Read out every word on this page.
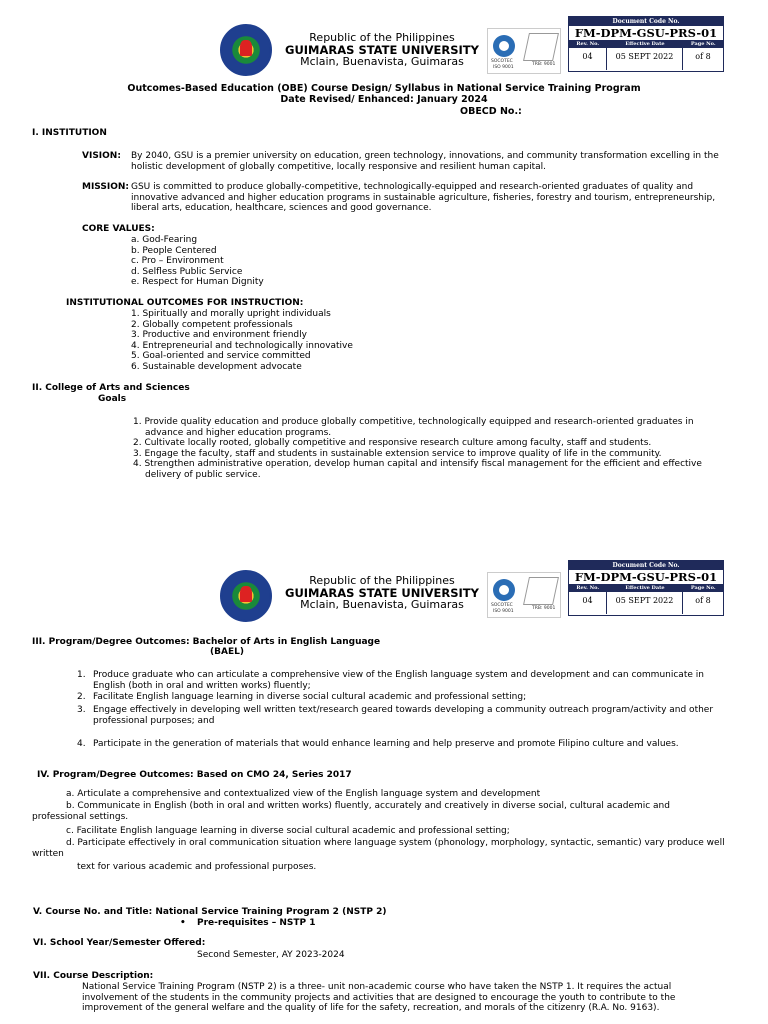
Republic of the Philippines
GUIMARAS STATE UNIVERSITY
Mclain, Buenavista, Guimaras	SOCOTEC
ISO 9001
TRB: 9001
Document Code No.
FM-DPM-GSU-PRS-01
Rev. No.	Effective Date	Page No.
04	05 SEPT 2022	of 8
Outcomes-Based Education (OBE) Course Design/ Syllabus in National Service Training Program
Date Revised/ Enhanced: January 2024
OBECD No.:
I. INSTITUTION
VISION: By 2040, GSU is a premier university on education, green technology, innovations, and community transformation excelling in the

holistic development of globally competitive, locally responsive and resilient human capital.

MISSION: GSU is committed to produce globally-competitive, technologically-equipped and research-oriented graduates of quality and

innovative advanced and higher education programs in sustainable agriculture, fisheries, forestry and tourism, entrepreneurship,

liberal arts, education, healthcare, sciences and good governance.

CORE VALUES:

a. God-Fearing

b. People Centered

c. Pro – Environment

d. Selfless Public Service

e. Respect for Human Dignity

INSTITUTIONAL OUTCOMES FOR INSTRUCTION:

1. Spiritually and morally upright individuals

2. Globally competent professionals

3. Productive and environment friendly

4. Entrepreneurial and technologically innovative

5. Goal-oriented and service committed

6. Sustainable development advocate

II. College of Arts and Sciences
Goals

1. Provide quality education and produce globally competitive, technologically equipped and research-oriented graduates in

advance and higher education programs.

2. Cultivate locally rooted, globally competitive and responsive research culture among faculty, staff and students.

3. Engage the faculty, staff and students in sustainable extension service to improve quality of life in the community.

4. Strengthen administrative operation, develop human capital and intensify fiscal management for the efficient and effective

delivery of public service.

Republic of the Philippines
GUIMARAS STATE UNIVERSITY
Mclain, Buenavista, Guimaras	SOCOTEC
ISO 9001
TRB: 9001
Document Code No.
FM-DPM-GSU-PRS-01
Rev. No.	Effective Date	Page No.
04	05 SEPT 2022	of 8
III. Program/Degree Outcomes: Bachelor of Arts in English Language
(BAEL)
1. Produce graduate who can articulate a comprehensive view of the English language system and development and can communicate in

English (both in oral and written works) fluently;

2. Facilitate English language learning in diverse social cultural academic and professional setting;
3. Engage effectively in developing well written text/research geared towards developing a community outreach program/activity and other

professional purposes; and

4. Participate in the generation of materials that would enhance learning and help preserve and promote Filipino culture and values.
IV. Program/Degree Outcomes: Based on CMO 24, Series 2017
a. Articulate a comprehensive and contextualized view of the English language system and development
b. Communicate in English (both in oral and written works) fluently, accurately and creatively in diverse social, cultural academic and
professional settings.
c. Facilitate English language learning in diverse social cultural academic and professional setting;
d. Participate effectively in oral communication situation where language system (phonology, morphology, syntactic, semantic) vary produce well
written
text for various academic and professional purposes.
V. Course No. and Title: National Service Training Program 2 (NSTP 2)
• Pre-requisites – NSTP 1
VI. School Year/Semester Offered:
Second Semester, AY 2023-2024
VII. Course Description:

National Service Training Program (NSTP 2) is a three- unit non-academic course who have taken the NSTP 1. It requires the actual

involvement of the students in the community projects and activities that are designed to encourage the youth to contribute to the

improvement of the general welfare and the quality of life for the safety, recreation, and morals of the citizenry (R.A. No. 9163).
